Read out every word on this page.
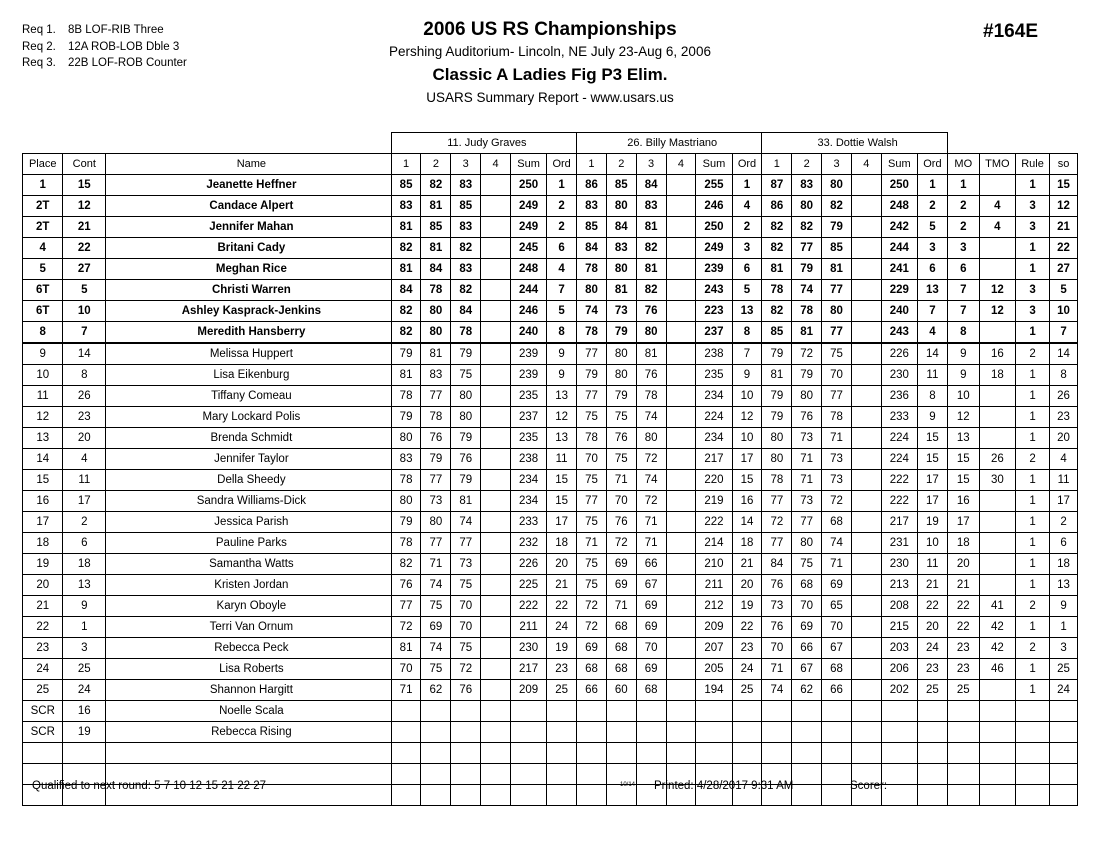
Req 1. 8B LOF-RIB Three
Req 2. 12A ROB-LOB Dble 3
Req 3. 22B LOF-ROB Counter
2006 US RS Championships
Pershing Auditorium- Lincoln, NE July 23-Aug 6, 2006
Classic A Ladies Fig P3 Elim.
USARS Summary Report - www.usars.us
#164E
			11. Judy Graves						26. Billy Mastriano						33. Dottie Walsh									
Place	Cont	Name	1	2	3	4	Sum	Ord	1	2	3	4	Sum	Ord	1	2	3	4	Sum	Ord	MO	TMO	Rule	so
1	15	Jeanette Heffner	85	82	83		250	1	86	85	84		255	1	87	83	80		250	1	1		1	15
2T	12	Candace Alpert	83	81	85		249	2	83	80	83		246	4	86	80	82		248	2	2	4	3	12
2T	21	Jennifer Mahan	81	85	83		249	2	85	84	81		250	2	82	82	79		242	5	2	4	3	21
4	22	Britani Cady	82	81	82		245	6	84	83	82		249	3	82	77	85		244	3	3		1	22
5	27	Meghan Rice	81	84	83		248	4	78	80	81		239	6	81	79	81		241	6	6		1	27
6T	5	Christi Warren	84	78	82		244	7	80	81	82		243	5	78	74	77		229	13	7	12	3	5
6T	10	Ashley Kasprack-Jenkins	82	80	84		246	5	74	73	76		223	13	82	78	80		240	7	7	12	3	10
8	7	Meredith Hansberry	82	80	78		240	8	78	79	80		237	8	85	81	77		243	4	8		1	7
9	14	Melissa Huppert	79	81	79		239	9	77	80	81		238	7	79	72	75		226	14	9	16	2	14
10	8	Lisa Eikenburg	81	83	75		239	9	79	80	76		235	9	81	79	70		230	11	9	18	1	8
11	26	Tiffany Comeau	78	77	80		235	13	77	79	78		234	10	79	80	77		236	8	10		1	26
12	23	Mary Lockard Polis	79	78	80		237	12	75	75	74		224	12	79	76	78		233	9	12		1	23
13	20	Brenda Schmidt	80	76	79		235	13	78	76	80		234	10	80	73	71		224	15	13		1	20
14	4	Jennifer Taylor	83	79	76		238	11	70	75	72		217	17	80	71	73		224	15	15	26	2	4
15	11	Della Sheedy	78	77	79		234	15	75	71	74		220	15	78	71	73		222	17	15	30	1	11
16	17	Sandra Williams-Dick	80	73	81		234	15	77	70	72		219	16	77	73	72		222	17	16		1	17
17	2	Jessica Parish	79	80	74		233	17	75	76	71		222	14	72	77	68		217	19	17		1	2
18	6	Pauline Parks	78	77	77		232	18	71	72	71		214	18	77	80	74		231	10	18		1	6
19	18	Samantha Watts	82	71	73		226	20	75	69	66		210	21	84	75	71		230	11	20		1	18
20	13	Kristen Jordan	76	74	75		225	21	75	69	67		211	20	76	68	69		213	21	21		1	13
21	9	Karyn Oboyle	77	75	70		222	22	72	71	69		212	19	73	70	65		208	22	22	41	2	9
22	1	Terri Van Ornum	72	69	70		211	24	72	68	69		209	22	76	69	70		215	20	22	42	1	1
23	3	Rebecca Peck	81	74	75		230	19	69	68	70		207	23	70	66	67		203	24	23	42	2	3
24	25	Lisa Roberts	70	75	72		217	23	68	68	69		205	24	71	67	68		206	23	23	46	1	25
25	24	Shannon Hargitt	71	62	76		209	25	66	60	68		194	25	74	62	66		202	25	25		1	24
SCR	16	Noelle Scala																						
SCR	19	Rebecca Rising																						

Qualified to next round: 5 7 10 12 15 21 22 27	10/14 Printed: 4/28/2017 9:31 AM	Scorer:
